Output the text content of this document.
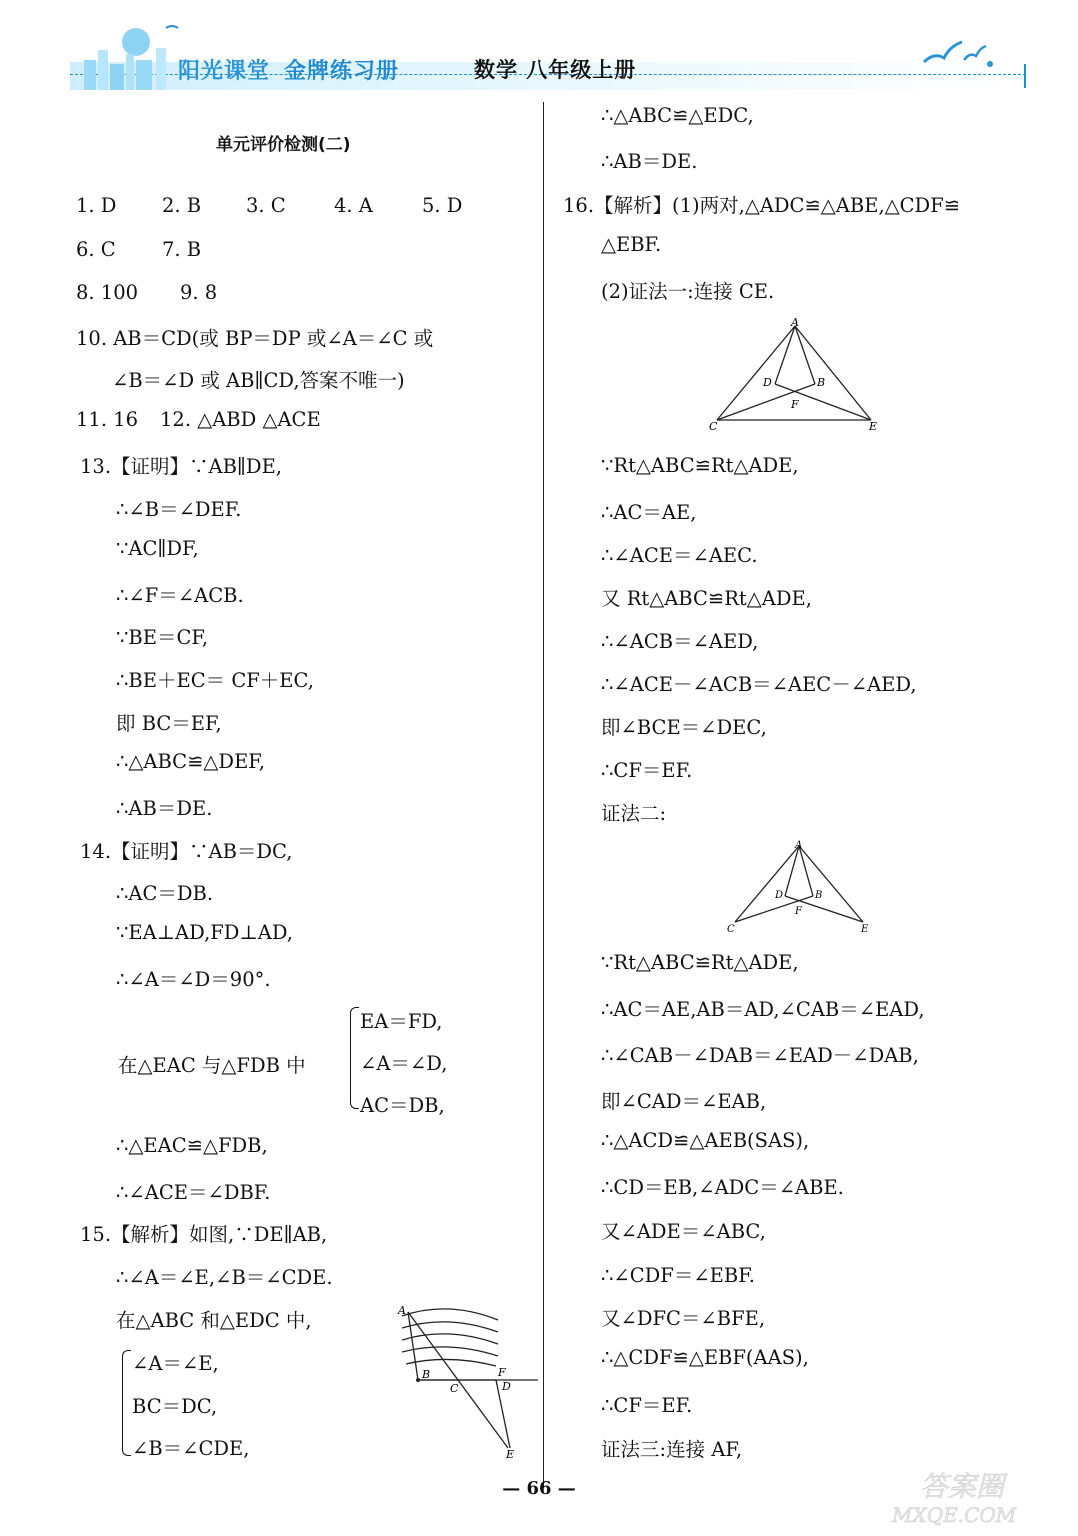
阳光课堂 金牌练习册	数学 八年级上册
单元评价检测(二)
1. D 2. B 3. C 4. A	5. D
6. C 7. B
8. 100 9. 8
10. AB＝CD(或 BP＝DP 或∠A＝∠C 或
∠B＝∠D 或 AB∥CD,答案不唯一)
11. 16 12. △ABD △ACE
13.【证明】∵AB∥DE,
∴∠B＝∠DEF.
∵AC∥DF,
∴∠F＝∠ACB.
∵BE＝CF,
∴BE＋EC＝ CF＋EC,
即 BC＝EF,
∴△ABC≌△DEF,
∴AB＝DE.
14.【证明】∵AB＝DC,
∴AC＝DB.
∵EA⊥AD,FD⊥AD,
∴∠A＝∠D＝90°.
在△EAC 与△FDB 中
EA＝FD,
∠A＝∠D,
AC＝DB,
∴△EAC≌△FDB,
∴∠ACE＝∠DBF.
15.【解析】如图,∵DE∥AB,
∴∠A＝∠E,∠B＝∠CDE.
在△ABC 和△EDC 中,
∠A＝∠E,
BC＝DC,
∠B＝∠CDE,
A
B
C
F
D
E
∴△ABC≌△EDC,
∴AB＝DE.
16.【解析】(1)两对,△ADC≌△ABE,△CDF≌
△EBF.
(2)证法一:连接 CE.
A
D	B
F
C	E
∵Rt△ABC≌Rt△ADE,
∴AC＝AE,
∴∠ACE＝∠AEC.
又 Rt△ABC≌Rt△ADE,
∴∠ACB＝∠AED,
∴∠ACE－∠ACB＝∠AEC－∠AED,
即∠BCE＝∠DEC,
∴CF＝EF.
证法二:
A
D	B
F
C	E
∵Rt△ABC≌Rt△ADE,
∴AC＝AE,AB＝AD,∠CAB＝∠EAD,
∴∠CAB－∠DAB＝∠EAD－∠DAB,
即∠CAD＝∠EAB,
∴△ACD≌△AEB(SAS),
∴CD＝EB,∠ADC＝∠ABE.
又∠ADE＝∠ABC,
∴∠CDF＝∠EBF.
又∠DFC＝∠BFE,
∴△CDF≌△EBF(AAS),
∴CF＝EF.
证法三:连接 AF,
— 66 —	答案圈
MXQE.COM
